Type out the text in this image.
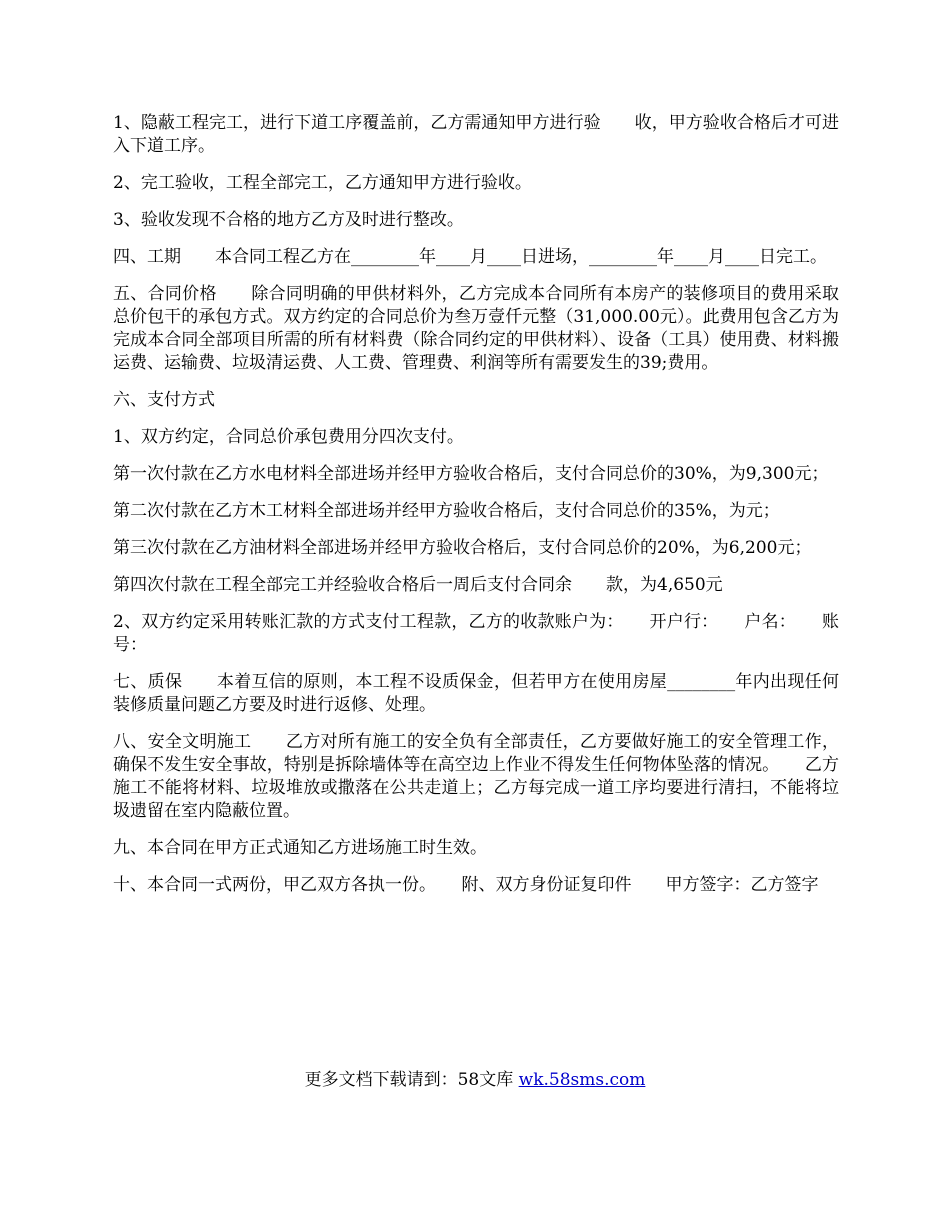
1、隐蔽工程完工，进行下道工序覆盖前，乙方需通知甲方进行验　　收，甲方验收合格后才可进入下道工序。

2、完工验收，工程全部完工，乙方通知甲方进行验收。

3、验收发现不合格的地方乙方及时进行整改。

四、工期　　本合同工程乙方在________年____月____日进场，________年____月____日完工。

五、合同价格　　除合同明确的甲供材料外，乙方完成本合同所有本房产的装修项目的费用采取总价包干的承包方式。双方约定的合同总价为叁万壹仟元整（31,000.00元）。此费用包含乙方为完成本合同全部项目所需的所有材料费（除合同约定的甲供材料）、设备（工具）使用费、材料搬运费、运输费、垃圾清运费、人工费、管理费、利润等所有需要发生的39;费用。

六、支付方式

1、双方约定，合同总价承包费用分四次支付。

第一次付款在乙方水电材料全部进场并经甲方验收合格后，支付合同总价的30%，为9,300元；

第二次付款在乙方木工材料全部进场并经甲方验收合格后，支付合同总价的35%，为元；

第三次付款在乙方油材料全部进场并经甲方验收合格后，支付合同总价的20%，为6,200元；

第四次付款在工程全部完工并经验收合格后一周后支付合同余　　款，为4,650元

2、双方约定采用转账汇款的方式支付工程款，乙方的收款账户为：　　开户行：　　户名：　　账号：

七、质保　　本着互信的原则，本工程不设质保金，但若甲方在使用房屋________年内出现任何装修质量问题乙方要及时进行返修、处理。

八、安全文明施工　　乙方对所有施工的安全负有全部责任，乙方要做好施工的安全管理工作，确保不发生安全事故，特别是拆除墙体等在高空边上作业不得发生任何物体坠落的情况。　　乙方施工不能将材料、垃圾堆放或撒落在公共走道上；乙方每完成一道工序均要进行清扫，不能将垃圾遗留在室内隐蔽位置。

九、本合同在甲方正式通知乙方进场施工时生效。

十、本合同一式两份，甲乙双方各执一份。　　附、双方身份证复印件　　甲方签字：乙方签字

更多文档下载请到：58文库 wk.58sms.com
